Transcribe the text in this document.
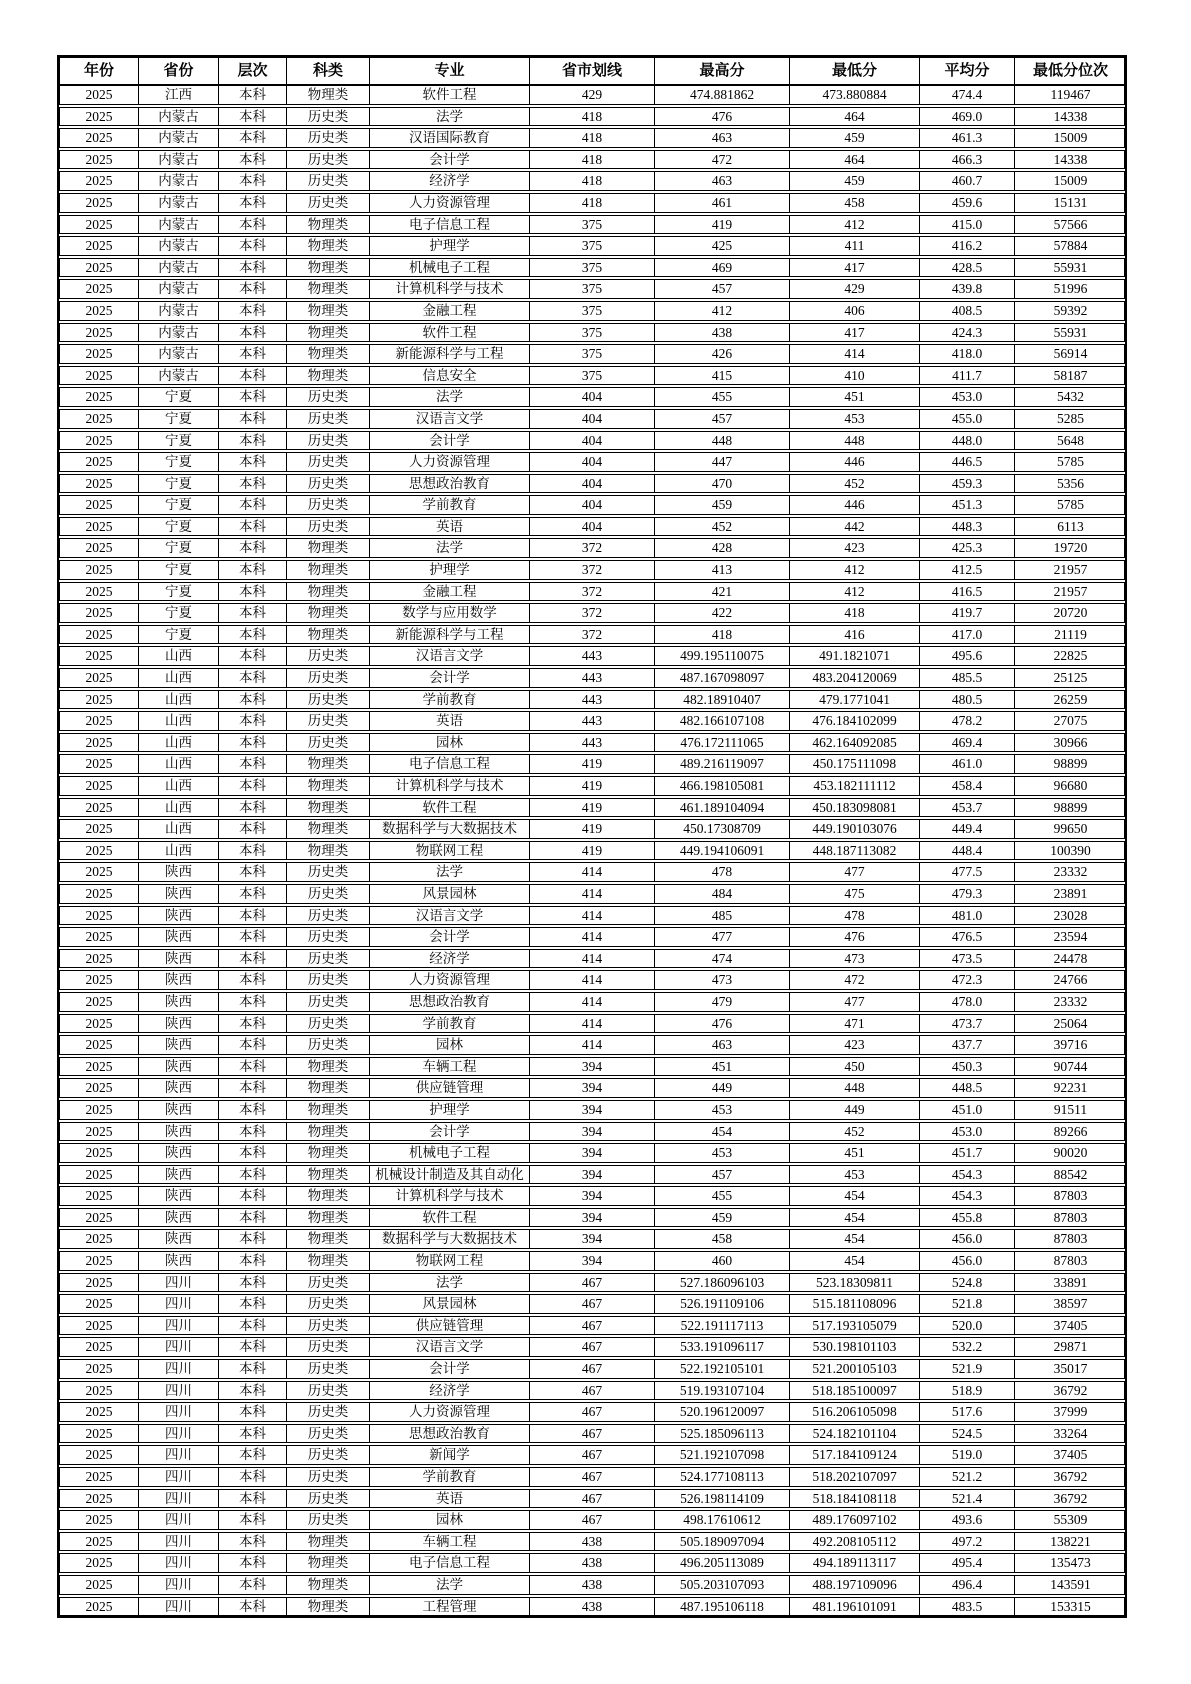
年份	省份	层次	科类	专业	省市划线	最高分	最低分	平均分	最低分位次
2025	江西	本科	物理类	软件工程	429	474.881862	473.880884	474.4	119467
2025	内蒙古	本科	历史类	法学	418	476	464	469.0	14338
2025	内蒙古	本科	历史类	汉语国际教育	418	463	459	461.3	15009
2025	内蒙古	本科	历史类	会计学	418	472	464	466.3	14338
2025	内蒙古	本科	历史类	经济学	418	463	459	460.7	15009
2025	内蒙古	本科	历史类	人力资源管理	418	461	458	459.6	15131
2025	内蒙古	本科	物理类	电子信息工程	375	419	412	415.0	57566
2025	内蒙古	本科	物理类	护理学	375	425	411	416.2	57884
2025	内蒙古	本科	物理类	机械电子工程	375	469	417	428.5	55931
2025	内蒙古	本科	物理类	计算机科学与技术	375	457	429	439.8	51996
2025	内蒙古	本科	物理类	金融工程	375	412	406	408.5	59392
2025	内蒙古	本科	物理类	软件工程	375	438	417	424.3	55931
2025	内蒙古	本科	物理类	新能源科学与工程	375	426	414	418.0	56914
2025	内蒙古	本科	物理类	信息安全	375	415	410	411.7	58187
2025	宁夏	本科	历史类	法学	404	455	451	453.0	5432
2025	宁夏	本科	历史类	汉语言文学	404	457	453	455.0	5285
2025	宁夏	本科	历史类	会计学	404	448	448	448.0	5648
2025	宁夏	本科	历史类	人力资源管理	404	447	446	446.5	5785
2025	宁夏	本科	历史类	思想政治教育	404	470	452	459.3	5356
2025	宁夏	本科	历史类	学前教育	404	459	446	451.3	5785
2025	宁夏	本科	历史类	英语	404	452	442	448.3	6113
2025	宁夏	本科	物理类	法学	372	428	423	425.3	19720
2025	宁夏	本科	物理类	护理学	372	413	412	412.5	21957
2025	宁夏	本科	物理类	金融工程	372	421	412	416.5	21957
2025	宁夏	本科	物理类	数学与应用数学	372	422	418	419.7	20720
2025	宁夏	本科	物理类	新能源科学与工程	372	418	416	417.0	21119
2025	山西	本科	历史类	汉语言文学	443	499.195110075	491.1821071	495.6	22825
2025	山西	本科	历史类	会计学	443	487.167098097	483.204120069	485.5	25125
2025	山西	本科	历史类	学前教育	443	482.18910407	479.1771041	480.5	26259
2025	山西	本科	历史类	英语	443	482.166107108	476.184102099	478.2	27075
2025	山西	本科	历史类	园林	443	476.172111065	462.164092085	469.4	30966
2025	山西	本科	物理类	电子信息工程	419	489.216119097	450.175111098	461.0	98899
2025	山西	本科	物理类	计算机科学与技术	419	466.198105081	453.182111112	458.4	96680
2025	山西	本科	物理类	软件工程	419	461.189104094	450.183098081	453.7	98899
2025	山西	本科	物理类	数据科学与大数据技术	419	450.17308709	449.190103076	449.4	99650
2025	山西	本科	物理类	物联网工程	419	449.194106091	448.187113082	448.4	100390
2025	陕西	本科	历史类	法学	414	478	477	477.5	23332
2025	陕西	本科	历史类	风景园林	414	484	475	479.3	23891
2025	陕西	本科	历史类	汉语言文学	414	485	478	481.0	23028
2025	陕西	本科	历史类	会计学	414	477	476	476.5	23594
2025	陕西	本科	历史类	经济学	414	474	473	473.5	24478
2025	陕西	本科	历史类	人力资源管理	414	473	472	472.3	24766
2025	陕西	本科	历史类	思想政治教育	414	479	477	478.0	23332
2025	陕西	本科	历史类	学前教育	414	476	471	473.7	25064
2025	陕西	本科	历史类	园林	414	463	423	437.7	39716
2025	陕西	本科	物理类	车辆工程	394	451	450	450.3	90744
2025	陕西	本科	物理类	供应链管理	394	449	448	448.5	92231
2025	陕西	本科	物理类	护理学	394	453	449	451.0	91511
2025	陕西	本科	物理类	会计学	394	454	452	453.0	89266
2025	陕西	本科	物理类	机械电子工程	394	453	451	451.7	90020
2025	陕西	本科	物理类	机械设计制造及其自动化	394	457	453	454.3	88542
2025	陕西	本科	物理类	计算机科学与技术	394	455	454	454.3	87803
2025	陕西	本科	物理类	软件工程	394	459	454	455.8	87803
2025	陕西	本科	物理类	数据科学与大数据技术	394	458	454	456.0	87803
2025	陕西	本科	物理类	物联网工程	394	460	454	456.0	87803
2025	四川	本科	历史类	法学	467	527.186096103	523.18309811	524.8	33891
2025	四川	本科	历史类	风景园林	467	526.191109106	515.181108096	521.8	38597
2025	四川	本科	历史类	供应链管理	467	522.191117113	517.193105079	520.0	37405
2025	四川	本科	历史类	汉语言文学	467	533.191096117	530.198101103	532.2	29871
2025	四川	本科	历史类	会计学	467	522.192105101	521.200105103	521.9	35017
2025	四川	本科	历史类	经济学	467	519.193107104	518.185100097	518.9	36792
2025	四川	本科	历史类	人力资源管理	467	520.196120097	516.206105098	517.6	37999
2025	四川	本科	历史类	思想政治教育	467	525.185096113	524.182101104	524.5	33264
2025	四川	本科	历史类	新闻学	467	521.192107098	517.184109124	519.0	37405
2025	四川	本科	历史类	学前教育	467	524.177108113	518.202107097	521.2	36792
2025	四川	本科	历史类	英语	467	526.198114109	518.184108118	521.4	36792
2025	四川	本科	历史类	园林	467	498.17610612	489.176097102	493.6	55309
2025	四川	本科	物理类	车辆工程	438	505.189097094	492.208105112	497.2	138221
2025	四川	本科	物理类	电子信息工程	438	496.205113089	494.189113117	495.4	135473
2025	四川	本科	物理类	法学	438	505.203107093	488.197109096	496.4	143591
2025	四川	本科	物理类	工程管理	438	487.195106118	481.196101091	483.5	153315
